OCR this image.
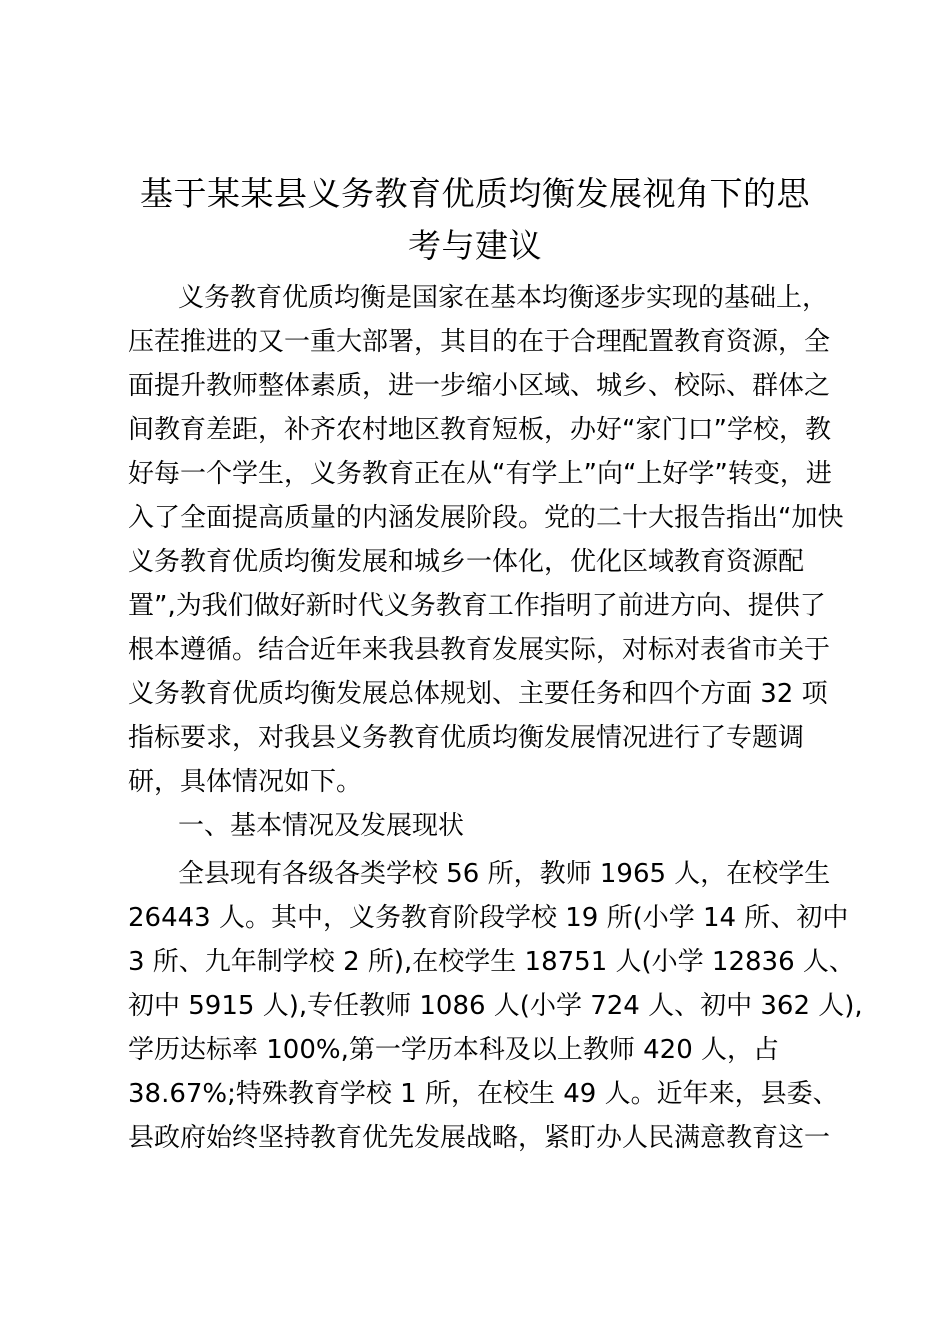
基于某某县义务教育优质均衡发展视角下的思
考与建议
义务教育优质均衡是国家在基本均衡逐步实现的基础上，
压茬推进的又一重大部署，其目的在于合理配置教育资源，全
面提升教师整体素质，进一步缩小区域、城乡、校际、群体之
间教育差距，补齐农村地区教育短板，办好“家门口”学校，教
好每一个学生，义务教育正在从“有学上”向“上好学”转变，进
入了全面提高质量的内涵发展阶段。党的二十大报告指出“加快
义务教育优质均衡发展和城乡一体化，优化区域教育资源配
置”,为我们做好新时代义务教育工作指明了前进方向、提供了
根本遵循。结合近年来我县教育发展实际，对标对表省市关于
义务教育优质均衡发展总体规划、主要任务和四个方面 32 项
指标要求，对我县义务教育优质均衡发展情况进行了专题调
研，具体情况如下。
一、基本情况及发展现状
全县现有各级各类学校 56 所，教师 1965 人，在校学生
26443 人。其中，义务教育阶段学校 19 所(小学 14 所、初中
3 所、九年制学校 2 所),在校学生 18751 人(小学 12836 人、
初中 5915 人),专任教师 1086 人(小学 724 人、初中 362 人),
学历达标率 100%,第一学历本科及以上教师 420 人，占
38.67%;特殊教育学校 1 所，在校生 49 人。近年来，县委、
县政府始终坚持教育优先发展战略，紧盯办人民满意教育这一
